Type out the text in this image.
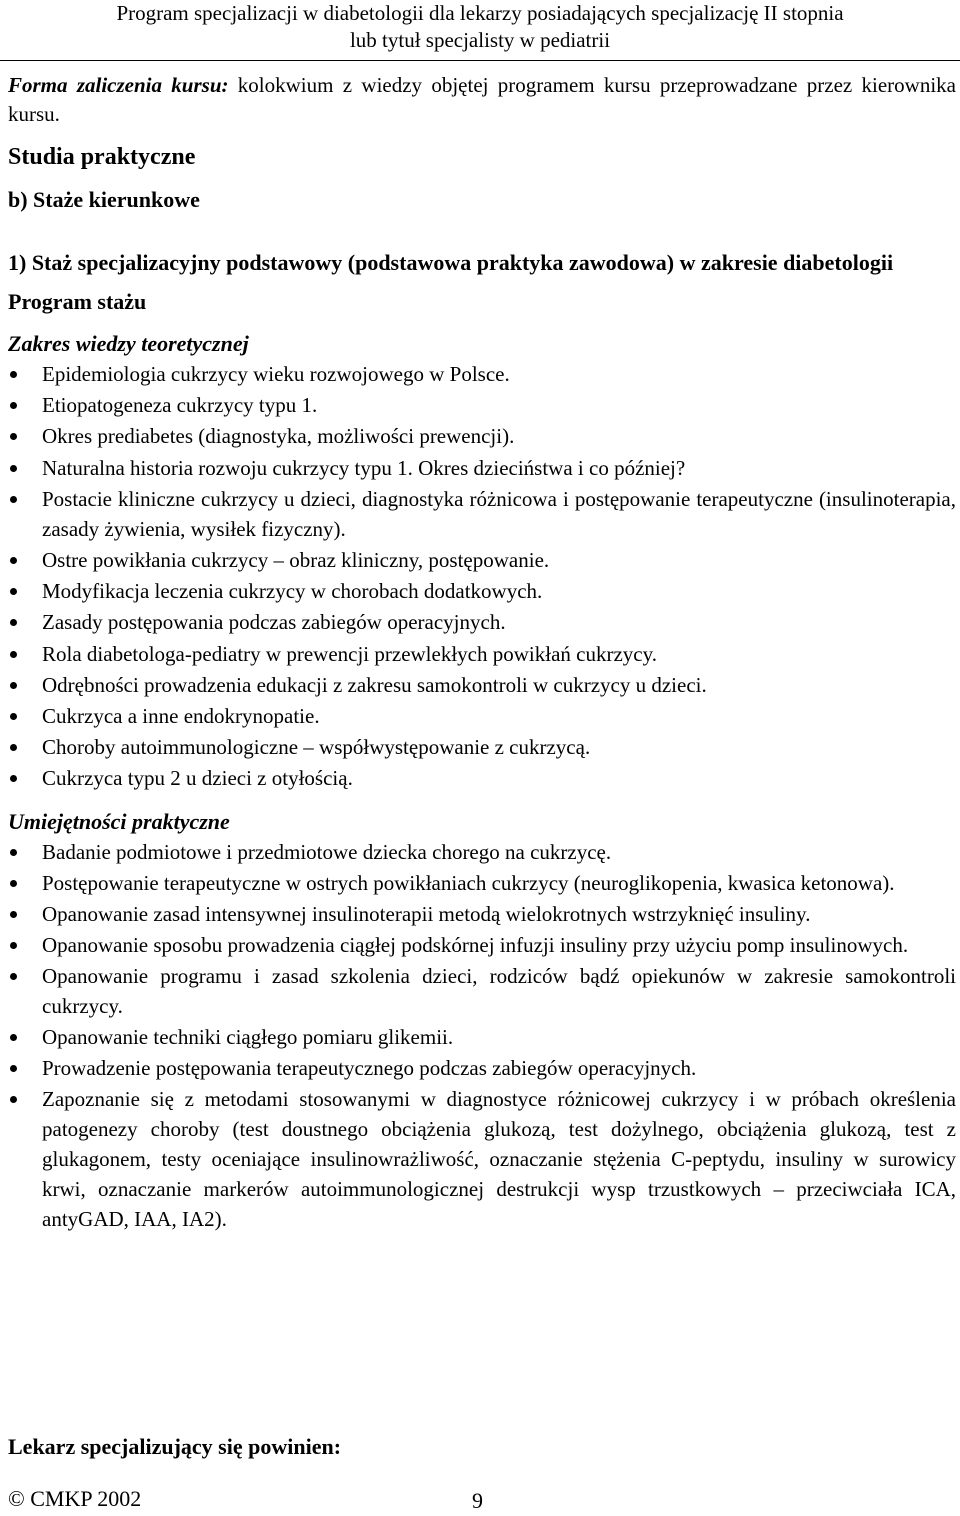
Program specjalizacji w diabetologii dla lekarzy posiadających specjalizację II stopnia
lub tytuł specjalisty w pediatrii

Forma zaliczenia kursu: kolokwium z wiedzy objętej programem kursu przeprowadzane przez kierownika kursu.

Studia praktyczne
b) Staże kierunkowe
1) Staż specjalizacyjny podstawowy (podstawowa praktyka zawodowa) w zakresie diabetologii
Program stażu
Zakres wiedzy teoretycznej
Epidemiologia cukrzycy wieku rozwojowego w Polsce.
Etiopatogeneza cukrzycy typu 1.
Okres prediabetes (diagnostyka, możliwości prewencji).
Naturalna historia rozwoju cukrzycy typu 1. Okres dzieciństwa i co później?
Postacie kliniczne cukrzycy u dzieci, diagnostyka różnicowa i postępowanie terapeutyczne (insulinoterapia, zasady żywienia, wysiłek fizyczny).
Ostre powikłania cukrzycy – obraz kliniczny, postępowanie.
Modyfikacja leczenia cukrzycy w chorobach dodatkowych.
Zasady postępowania podczas zabiegów operacyjnych.
Rola diabetologa-pediatry w prewencji przewlekłych powikłań cukrzycy.
Odrębności prowadzenia edukacji z zakresu samokontroli w cukrzycy u dzieci.
Cukrzyca a inne endokrynopatie.
Choroby autoimmunologiczne – współwystępowanie z cukrzycą.
Cukrzyca typu 2 u dzieci z otyłością.
Umiejętności praktyczne
Badanie podmiotowe i przedmiotowe dziecka chorego na cukrzycę.
Postępowanie terapeutyczne w ostrych powikłaniach cukrzycy (neuroglikopenia, kwasica ketonowa).
Opanowanie zasad intensywnej insulinoterapii metodą wielokrotnych wstrzyknięć insuliny.
Opanowanie sposobu prowadzenia ciągłej podskórnej infuzji insuliny przy użyciu pomp insulinowych.
Opanowanie programu i zasad szkolenia dzieci, rodziców bądź opiekunów w zakresie samokontroli cukrzycy.
Opanowanie techniki ciągłego pomiaru glikemii.
Prowadzenie postępowania terapeutycznego podczas zabiegów operacyjnych.
Zapoznanie się z metodami stosowanymi w diagnostyce różnicowej cukrzycy i w próbach określenia patogenezy choroby (test doustnego obciążenia glukozą, test dożylnego, obciążenia glukozą, test z glukagonem, testy oceniające insulinowrażliwość, oznaczanie stężenia C-peptydu, insuliny w surowicy krwi, oznaczanie markerów autoimmunologicznej destrukcji wysp trzustkowych – przeciwciała ICA, antyGAD, IAA, IA2).
Lekarz specjalizujący się powinien:
© CMKP 2002	9
